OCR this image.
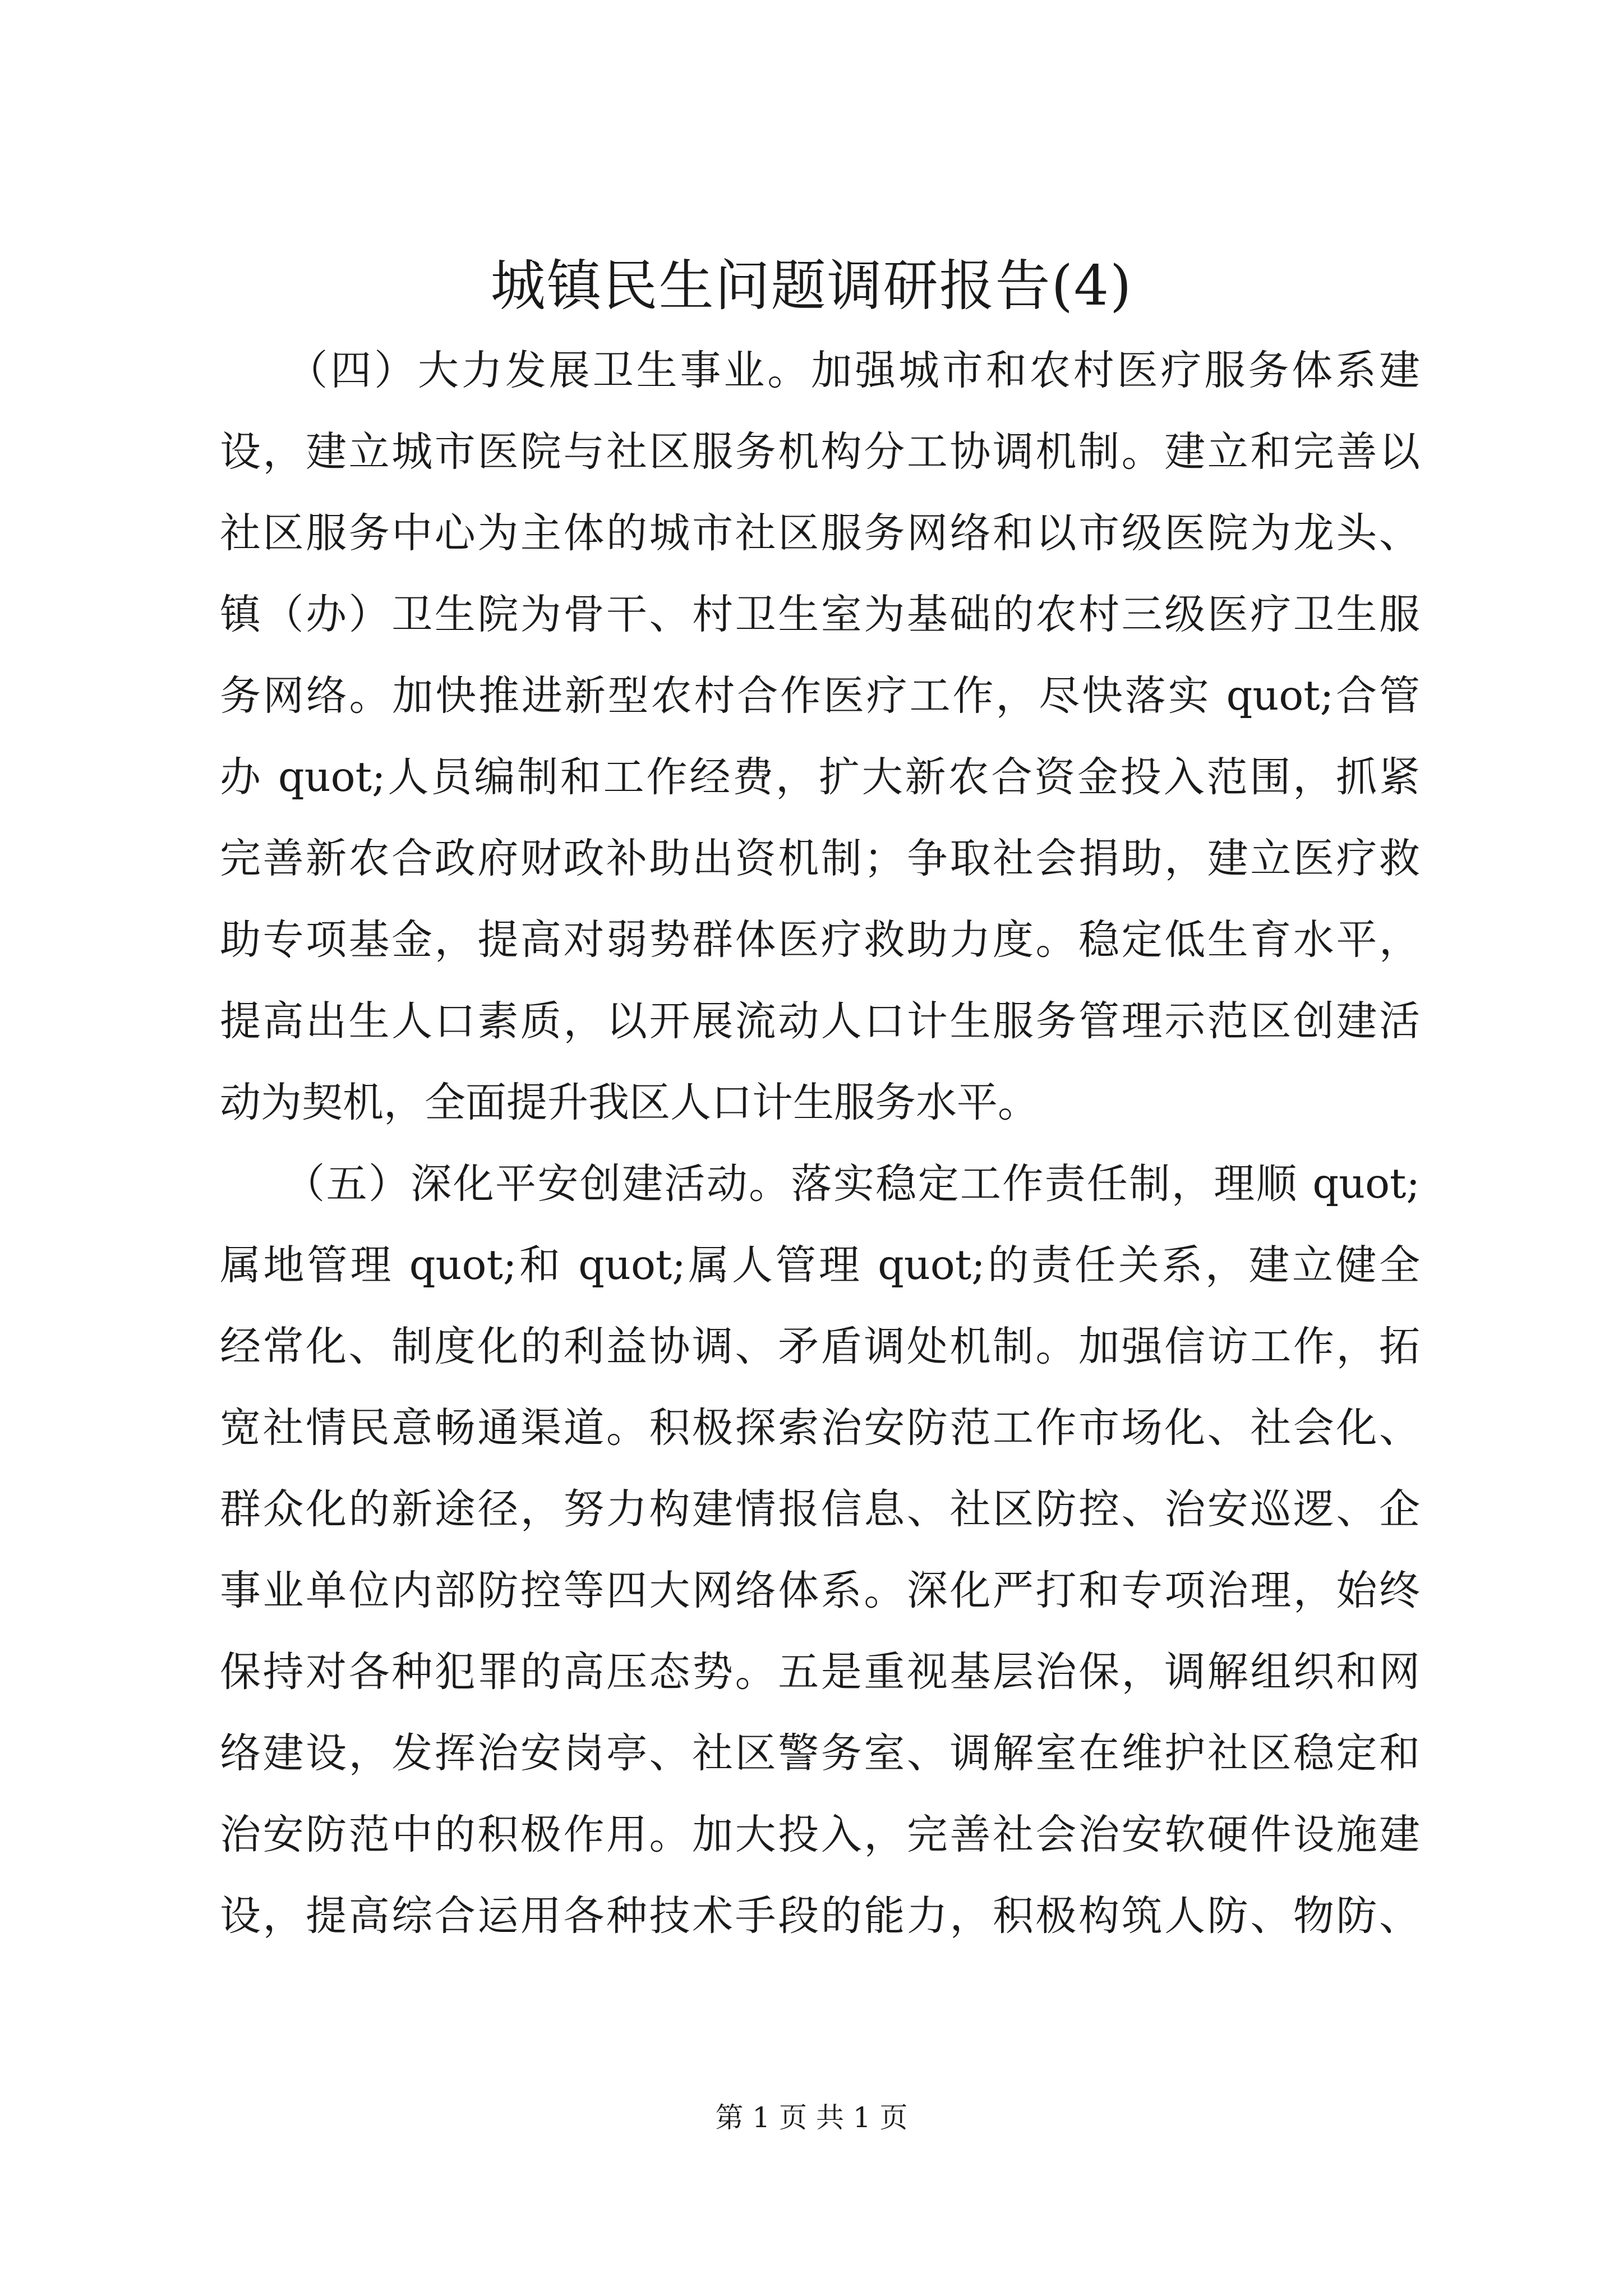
城镇民生问题调研报告(4)
　　（四）大力发展卫生事业。加强城市和农村医疗服务体系建
设，建立城市医院与社区服务机构分工协调机制。建立和完善以
社区服务中心为主体的城市社区服务网络和以市级医院为龙头、
镇（办）卫生院为骨干、村卫生室为基础的农村三级医疗卫生服
务网络。加快推进新型农村合作医疗工作，尽快落实 quot;合管
办 quot;人员编制和工作经费，扩大新农合资金投入范围，抓紧
完善新农合政府财政补助出资机制；争取社会捐助，建立医疗救
助专项基金，提高对弱势群体医疗救助力度。稳定低生育水平，
提高出生人口素质，以开展流动人口计生服务管理示范区创建活
动为契机，全面提升我区人口计生服务水平。
　　（五）深化平安创建活动。落实稳定工作责任制，理顺 quot;
属地管理 quot;和 quot;属人管理 quot;的责任关系，建立健全
经常化、制度化的利益协调、矛盾调处机制。加强信访工作，拓
宽社情民意畅通渠道。积极探索治安防范工作市场化、社会化、
群众化的新途径，努力构建情报信息、社区防控、治安巡逻、企
事业单位内部防控等四大网络体系。深化严打和专项治理，始终
保持对各种犯罪的高压态势。五是重视基层治保，调解组织和网
络建设，发挥治安岗亭、社区警务室、调解室在维护社区稳定和
治安防范中的积极作用。加大投入，完善社会治安软硬件设施建
设，提高综合运用各种技术手段的能力，积极构筑人防、物防、
第 1 页 共 1 页
